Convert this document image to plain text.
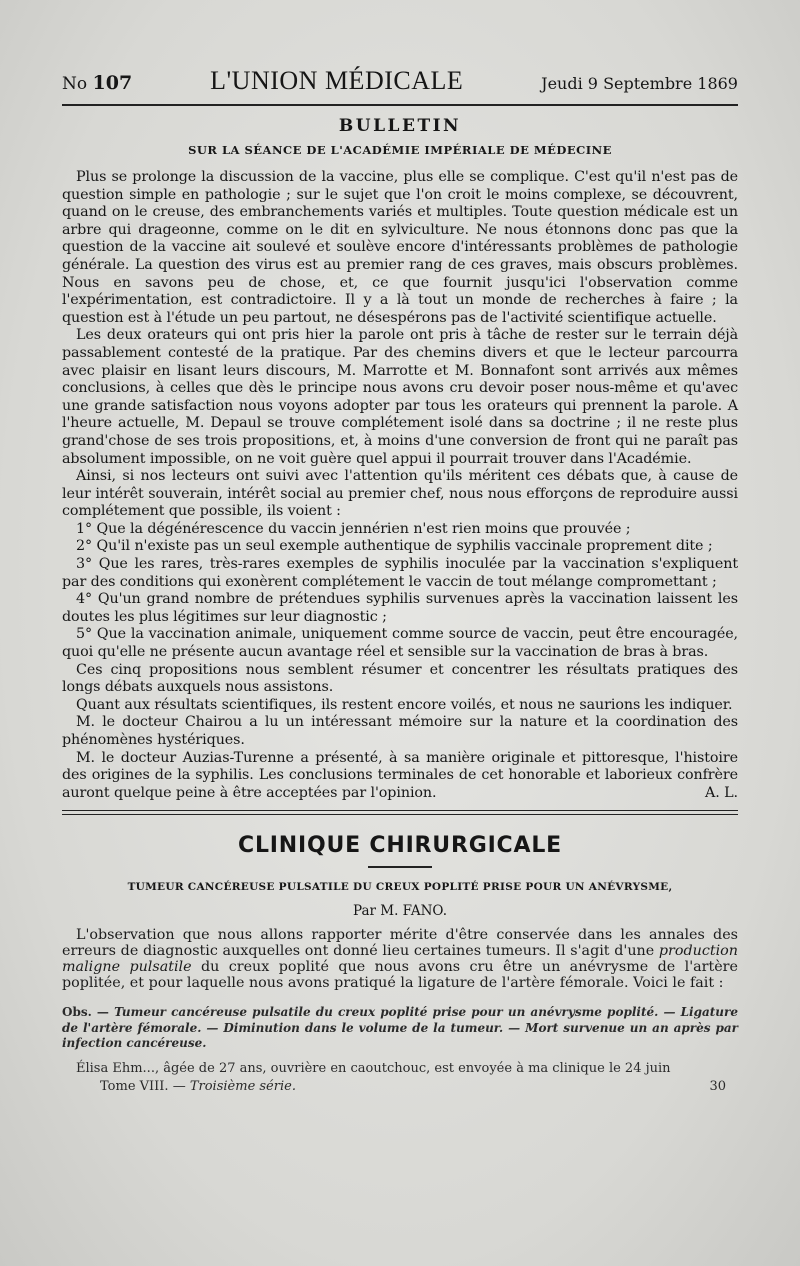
No 107	L'UNION MÉDICALE	Jeudi 9 Septembre 1869
BULLETIN
SUR LA SÉANCE DE L'ACADÉMIE IMPÉRIALE DE MÉDECINE

Plus se prolonge la discussion de la vaccine, plus elle se complique. C'est qu'il n'est pas de question simple en pathologie ; sur le sujet que l'on croit le moins complexe, se découvrent, quand on le creuse, des embranchements variés et multiples. Toute question médicale est un arbre qui drageonne, comme on le dit en sylviculture. Ne nous étonnons donc pas que la question de la vaccine ait soulevé et soulève encore d'intéressants problèmes de pathologie générale. La question des virus est au premier rang de ces graves, mais obscurs problèmes. Nous en savons peu de chose, et, ce que fournit jusqu'ici l'observation comme l'expérimentation, est contradictoire. Il y a là tout un monde de recherches à faire ; la question est à l'étude un peu partout, ne désespérons pas de l'activité scientifique actuelle.

Les deux orateurs qui ont pris hier la parole ont pris à tâche de rester sur le terrain déjà passablement contesté de la pratique. Par des chemins divers et que le lecteur parcourra avec plaisir en lisant leurs discours, M. Marrotte et M. Bonnafont sont arrivés aux mêmes conclusions, à celles que dès le principe nous avons cru devoir poser nous-même et qu'avec une grande satisfaction nous voyons adopter par tous les orateurs qui prennent la parole. A l'heure actuelle, M. Depaul se trouve complétement isolé dans sa doctrine ; il ne reste plus grand'chose de ses trois propositions, et, à moins d'une conversion de front qui ne paraît pas absolument impossible, on ne voit guère quel appui il pourrait trouver dans l'Académie.

Ainsi, si nos lecteurs ont suivi avec l'attention qu'ils méritent ces débats que, à cause de leur intérêt souverain, intérêt social au premier chef, nous nous efforçons de reproduire aussi complétement que possible, ils voient :

1° Que la dégénérescence du vaccin jennérien n'est rien moins que prouvée ;

2° Qu'il n'existe pas un seul exemple authentique de syphilis vaccinale proprement dite ;

3° Que les rares, très-rares exemples de syphilis inoculée par la vaccination s'expliquent par des conditions qui exonèrent complétement le vaccin de tout mélange compromettant ;

4° Qu'un grand nombre de prétendues syphilis survenues après la vaccination laissent les doutes les plus légitimes sur leur diagnostic ;

5° Que la vaccination animale, uniquement comme source de vaccin, peut être encouragée, quoi qu'elle ne présente aucun avantage réel et sensible sur la vaccination de bras à bras.

Ces cinq propositions nous semblent résumer et concentrer les résultats pratiques des longs débats auxquels nous assistons.

Quant aux résultats scientifiques, ils restent encore voilés, et nous ne saurions les indiquer.

M. le docteur Chairou a lu un intéressant mémoire sur la nature et la coordination des phénomènes hystériques.

M. le docteur Auzias-Turenne a présenté, à sa manière originale et pittoresque, l'histoire des origines de la syphilis. Les conclusions terminales de cet honorable et laborieux confrère auront quelque peine à être acceptées par l'opinion.	A. L.

CLINIQUE CHIRURGICALE
TUMEUR CANCÉREUSE PULSATILE DU CREUX POPLITÉ PRISE POUR UN ANÉVRYSME,
Par M. FANO.

L'observation que nous allons rapporter mérite d'être conservée dans les annales des erreurs de diagnostic auxquelles ont donné lieu certaines tumeurs. Il s'agit d'une production maligne pulsatile du creux poplité que nous avons cru être un anévrysme de l'artère poplitée, et pour laquelle nous avons pratiqué la ligature de l'artère fémorale. Voici le fait :

Obs. — Tumeur cancéreuse pulsatile du creux poplité prise pour un anévrysme poplité. — Ligature de l'artère fémorale. — Diminution dans le volume de la tumeur. — Mort survenue un an après par infection cancéreuse.
Élisa Ehm..., âgée de 27 ans, ouvrière en caoutchouc, est envoyée à ma clinique le 24 juin
Tome VIII. — Troisième série.	30
